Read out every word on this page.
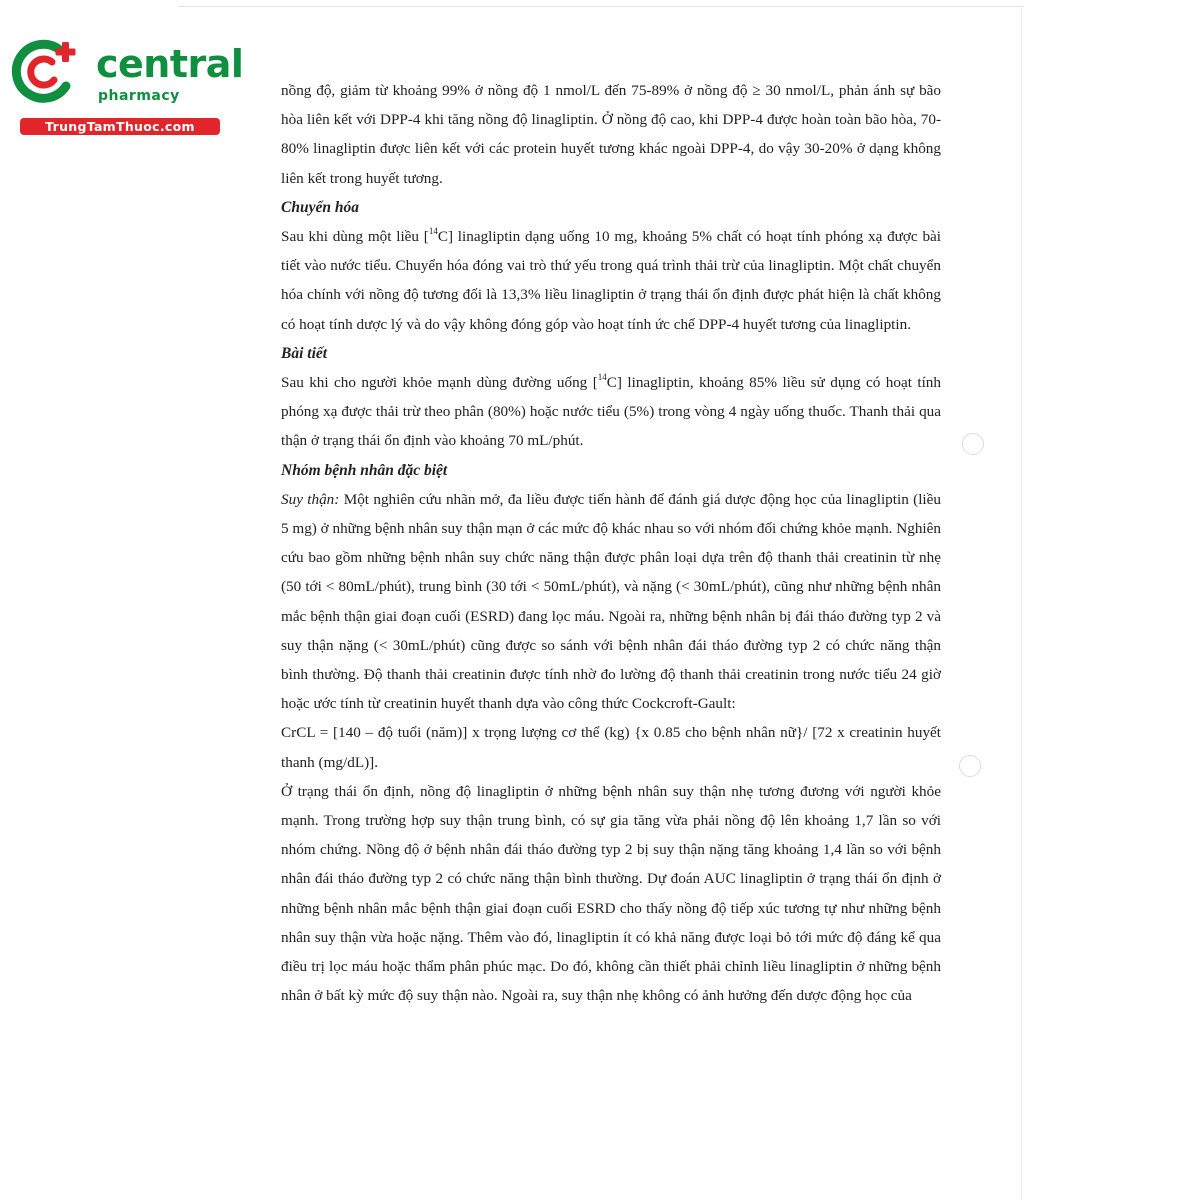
central
pharmacy
TrungTamThuoc.com

nồng độ, giảm từ khoảng 99% ở nồng độ 1 nmol/L đến 75-89% ở nồng độ ≥ 30 nmol/L, phản ánh sự bão hòa liên kết với DPP-4 khi tăng nồng độ linagliptin. Ở nồng độ cao, khi DPP-4 được hoàn toàn bão hòa, 70-80% linagliptin được liên kết với các protein huyết tương khác ngoài DPP-4, do vậy 30-20% ở dạng không liên kết trong huyết tương.

Chuyển hóa

Sau khi dùng một liều [$^{14}$C] linagliptin dạng uống 10 mg, khoảng 5% chất có hoạt tính phóng xạ được bài tiết vào nước tiểu. Chuyển hóa đóng vai trò thứ yếu trong quá trình thải trừ của linagliptin. Một chất chuyển hóa chính với nồng độ tương đối là 13,3% liều linagliptin ở trạng thái ổn định được phát hiện là chất không có hoạt tính dược lý và do vậy không đóng góp vào hoạt tính ức chế DPP-4 huyết tương của linagliptin.

Bài tiết

Sau khi cho người khỏe mạnh dùng đường uống [$^{14}$C] linagliptin, khoảng 85% liều sử dụng có hoạt tính phóng xạ được thải trừ theo phân (80%) hoặc nước tiểu (5%) trong vòng 4 ngày uống thuốc. Thanh thải qua thận ở trạng thái ổn định vào khoảng 70 mL/phút.

Nhóm bệnh nhân đặc biệt

Suy thận: Một nghiên cứu nhãn mở, đa liều được tiến hành để đánh giá dược động học của linagliptin (liều 5 mg) ở những bệnh nhân suy thận mạn ở các mức độ khác nhau so với nhóm đối chứng khỏe mạnh. Nghiên cứu bao gồm những bệnh nhân suy chức năng thận được phân loại dựa trên độ thanh thải creatinin từ nhẹ (50 tới < 80mL/phút), trung bình (30 tới < 50mL/phút), và nặng (< 30mL/phút), cũng như những bệnh nhân mắc bệnh thận giai đoạn cuối (ESRD) đang lọc máu. Ngoài ra, những bệnh nhân bị đái tháo đường typ 2 và suy thận nặng (< 30mL/phút) cũng được so sánh với bệnh nhân đái tháo đường typ 2 có chức năng thận bình thường. Độ thanh thải creatinin được tính nhờ đo lường độ thanh thải creatinin trong nước tiểu 24 giờ hoặc ước tính từ creatinin huyết thanh dựa vào công thức Cockcroft-Gault:

CrCL = [140 – độ tuổi (năm)] x trọng lượng cơ thể (kg) {x 0.85 cho bệnh nhân nữ}/ [72 x creatinin huyết thanh (mg/dL)].

Ở trạng thái ổn định, nồng độ linagliptin ở những bệnh nhân suy thận nhẹ tương đương với người khỏe mạnh. Trong trường hợp suy thận trung bình, có sự gia tăng vừa phải nồng độ lên khoảng 1,7 lần so với nhóm chứng. Nồng độ ở bệnh nhân đái tháo đường typ 2 bị suy thận nặng tăng khoảng 1,4 lần so với bệnh nhân đái tháo đường typ 2 có chức năng thận bình thường. Dự đoán AUC linagliptin ở trạng thái ổn định ở những bệnh nhân mắc bệnh thận giai đoạn cuối ESRD cho thấy nồng độ tiếp xúc tương tự như những bệnh nhân suy thận vừa hoặc nặng. Thêm vào đó, linagliptin ít có khả năng được loại bỏ tới mức độ đáng kể qua điều trị lọc máu hoặc thẩm phân phúc mạc. Do đó, không cần thiết phải chỉnh liều linagliptin ở những bệnh nhân ở bất kỳ mức độ suy thận nào. Ngoài ra, suy thận nhẹ không có ảnh hưởng đến dược động học của
